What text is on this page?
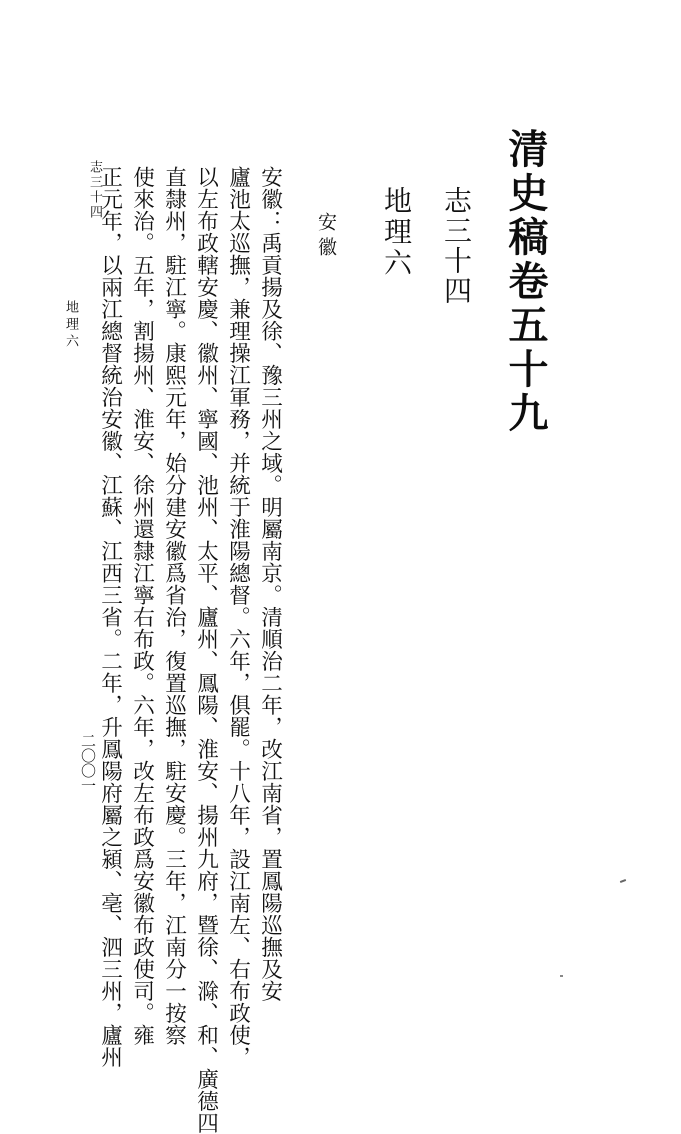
清史稿卷五十九
志三十四
地理六
安徽
安徽：禹貢揚及徐、豫三州之域。明屬南京。清順治二年，改江南省，置鳳陽巡撫及安
廬池太巡撫，兼理操江軍務，并統于淮陽總督。六年，俱罷。十八年，設江南左、右布政使，
以左布政轄安慶、徽州、寧國、池州、太平、廬州、鳳陽、淮安、揚州九府，暨徐、滁、和、廣德四
直隸州，駐江寧。康熙元年，始分建安徽爲省治，復置巡撫，駐安慶。三年，江南分一按察
使來治。五年，割揚州、淮安、徐州還隸江寧右布政。六年，改左布政爲安徽布政使司。雍
正元年，以兩江總督統治安徽、江蘇、江西三省。二年，升鳳陽府屬之潁、亳、泗三州，廬州
志三十四
地理六
二〇〇一
